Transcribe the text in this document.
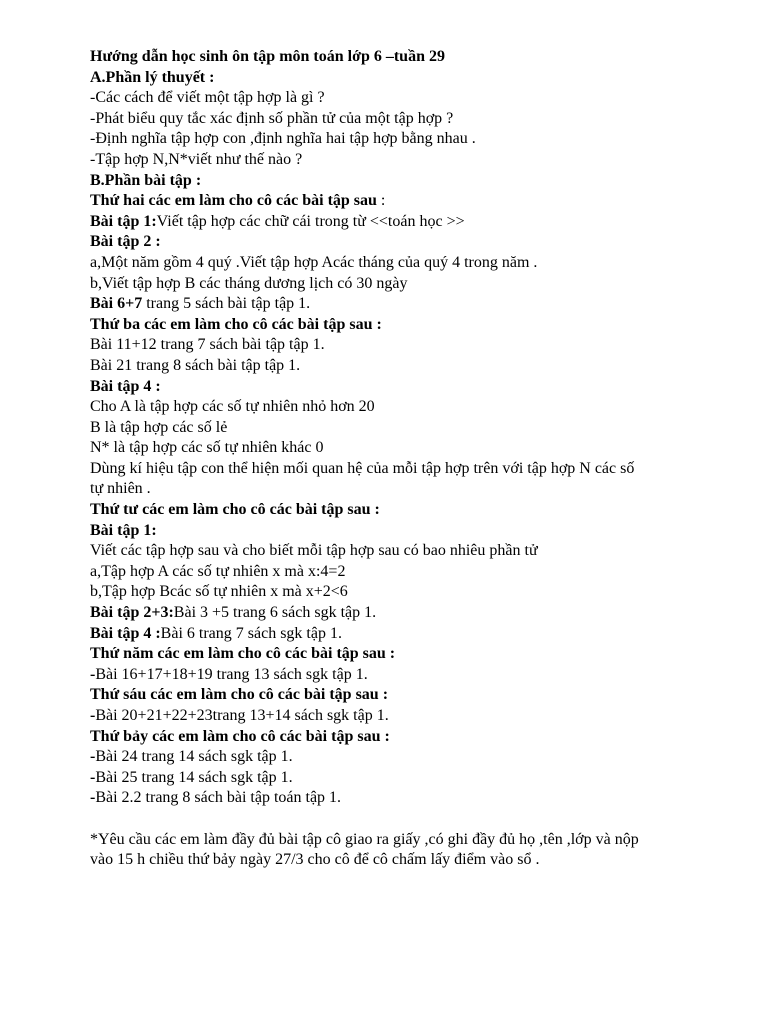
Hướng dẫn học sinh ôn tập môn toán lớp 6 –tuần 29
A.Phần lý thuyết :
-Các cách để viết một tập hợp là gì ?
-Phát biểu quy tắc xác định số phần tử của một tập hợp ?
-Định nghĩa tập hợp con ,định nghĩa hai tập hợp bằng nhau .
-Tập hợp N,N*viết như thế nào ?
B.Phần bài tập :
Thứ hai các em làm cho cô các bài tập sau :
Bài tập 1:Viết tập hợp các chữ cái trong từ <<toán học >>
Bài tập 2 :
a,Một năm gồm 4 quý .Viết tập hợp Acác tháng của quý 4 trong năm .
b,Viết tập hợp B các tháng dương lịch có 30 ngày
Bài 6+7 trang 5 sách bài tập tập 1.
Thứ ba các em làm cho cô các bài tập sau :
Bài 11+12 trang 7 sách bài tập tập 1.
Bài 21 trang 8 sách bài tập tập 1.
Bài tập 4 :
Cho A là tập hợp các số tự nhiên nhỏ hơn 20
B là tập hợp các số lẻ
N* là tập hợp các số tự nhiên khác 0
Dùng kí hiệu tập con thể hiện mối quan hệ của mỗi tập hợp trên với tập hợp N các số
tự nhiên .
Thứ tư các em làm cho cô các bài tập sau :
Bài tập 1:
Viết các tập hợp sau và cho biết mỗi tập hợp sau có bao nhiêu phần tử
a,Tập hợp A các số tự nhiên x mà x:4=2
b,Tập hợp Bcác số tự nhiên x mà x+2<6
Bài tập 2+3:Bài 3 +5 trang 6 sách sgk tập 1.
Bài tập 4 :Bài 6 trang 7 sách sgk tập 1.
Thứ năm các em làm cho cô các bài tập sau :
-Bài 16+17+18+19 trang 13 sách sgk tập 1.
Thứ sáu các em làm cho cô các bài tập sau :
-Bài 20+21+22+23trang 13+14 sách sgk tập 1.
Thứ bảy các em làm cho cô các bài tập sau :
-Bài 24 trang 14 sách sgk tập 1.
-Bài 25 trang 14 sách sgk tập 1.
-Bài 2.2 trang 8 sách bài tập toán tập 1.
*Yêu cầu các em làm đầy đủ bài tập cô giao ra giấy ,có ghi đầy đủ họ ,tên ,lớp và nộp
vào 15 h chiều thứ bảy ngày 27/3 cho cô để cô chấm lấy điểm vào sổ .
